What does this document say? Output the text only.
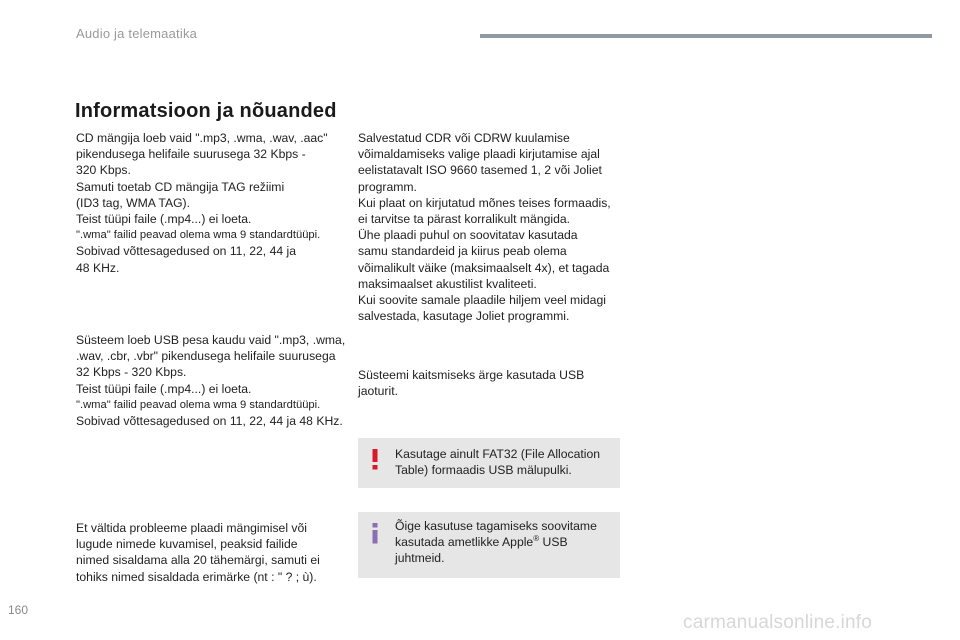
Audio ja telemaatika
Informatsioon ja nõuanded
CD mängija loeb vaid ".mp3, .wma, .wav, .aac"
pikendusega helifaile suurusega 32 Kbps -
320 Kbps.
Samuti toetab CD mängija TAG režiimi
(ID3 tag, WMA TAG).
Teist tüüpi faile (.mp4...) ei loeta.
".wma" failid peavad olema wma 9 standardtüüpi.
Sobivad võttesagedused on 11, 22, 44 ja
48 KHz.
Süsteem loeb USB pesa kaudu vaid ".mp3, .wma,
.wav, .cbr, .vbr" pikendusega helifaile suurusega
32 Kbps - 320 Kbps.
Teist tüüpi faile (.mp4...) ei loeta.
".wma" failid peavad olema wma 9 standardtüüpi.
Sobivad võttesagedused on 11, 22, 44 ja 48 KHz.
Et vältida probleeme plaadi mängimisel või
lugude nimede kuvamisel, peaksid failide
nimed sisaldama alla 20 tähemärgi, samuti ei
tohiks nimed sisaldada erimärke (nt : " ? ; ù).
Salvestatud CDR või CDRW kuulamise
võimaldamiseks valige plaadi kirjutamise ajal
eelistatavalt ISO 9660 tasemed 1, 2 või Joliet
programm.
Kui plaat on kirjutatud mõnes teises formaadis,
ei tarvitse ta pärast korralikult mängida.
Ühe plaadi puhul on soovitatav kasutada
samu standardeid ja kiirus peab olema
võimalikult väike (maksimaalselt 4x), et tagada
maksimaalset akustilist kvaliteeti.
Kui soovite samale plaadile hiljem veel midagi
salvestada, kasutage Joliet programmi.
Süsteemi kaitsmiseks ärge kasutada USB
jaoturit.
Kasutage ainult FAT32 (File Allocation
Table) formaadis USB mälupulki.
Õige kasutuse tagamiseks soovitame
kasutada ametlikke Apple® USB
juhtmeid.
160
carmanualsonline.info
